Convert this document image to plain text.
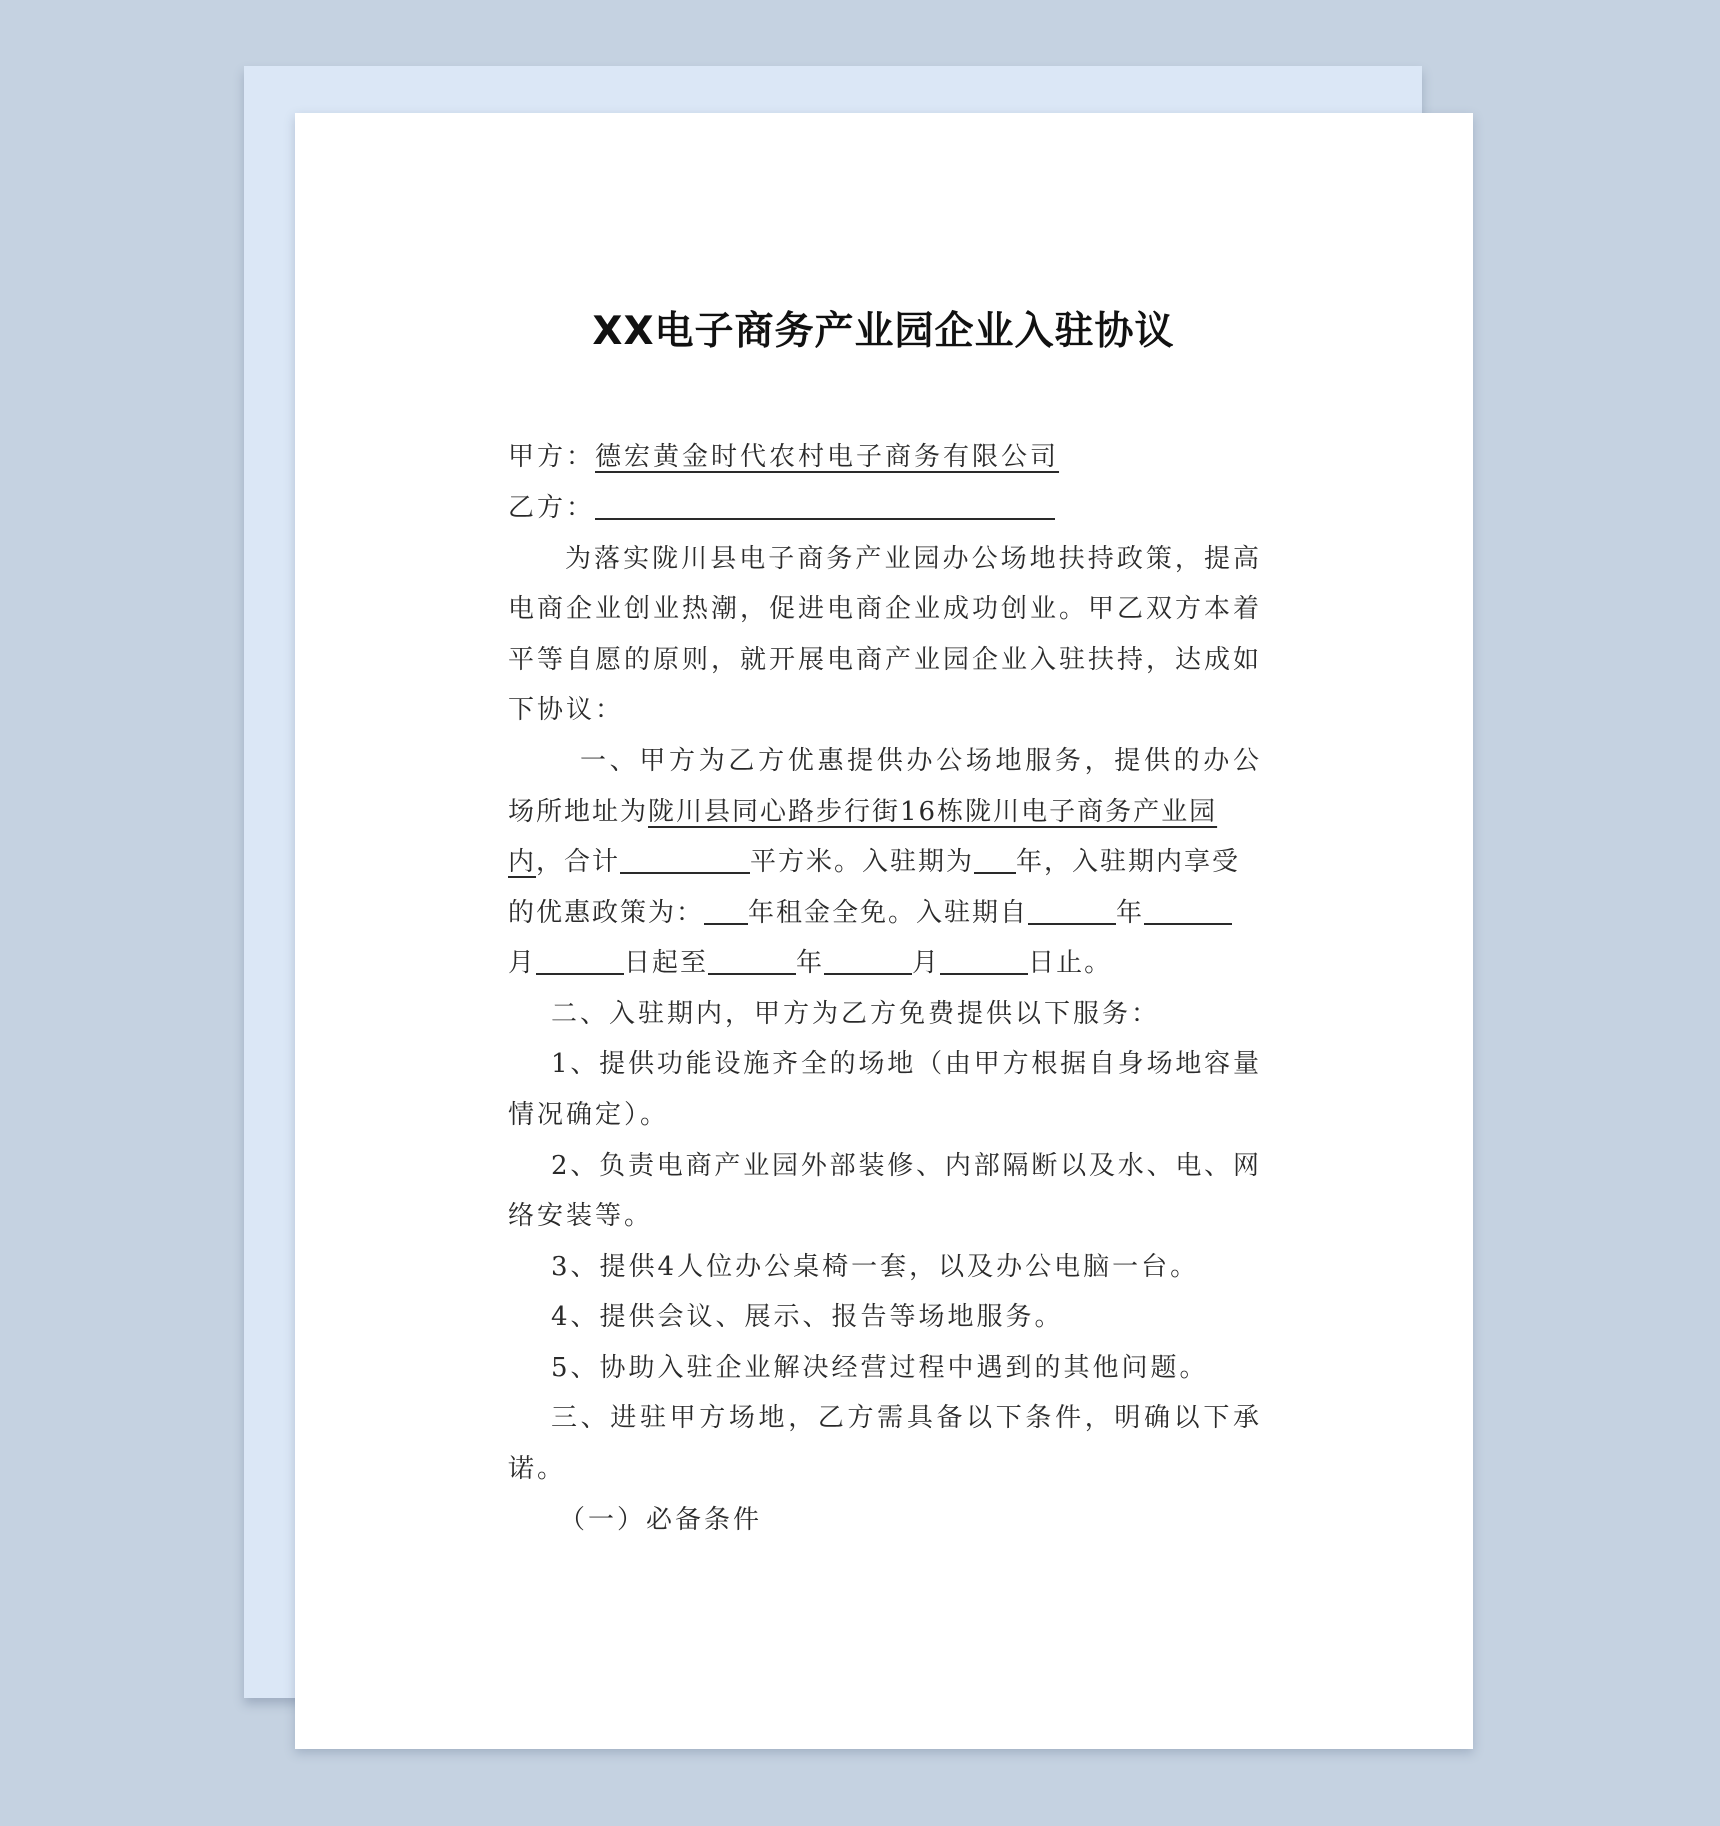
XX电子商务产业园企业入驻协议
甲方：德宏黄金时代农村电子商务有限公司
乙方：
为落实陇川县电子商务产业园办公场地扶持政策，提高
电商企业创业热潮，促进电商企业成功创业。甲乙双方本着
平等自愿的原则，就开展电商产业园企业入驻扶持，达成如
下协议：
一、甲方为乙方优惠提供办公场地服务，提供的办公
场所地址为陇川县同心路步行街16栋陇川电子商务产业园
内，合计	平方米。入驻期为 年，入驻期内享受
的优惠政策为： 年租金全免。入驻期自	年
月	日起至	年	月	日止。
二、入驻期内，甲方为乙方免费提供以下服务：
1、提供功能设施齐全的场地（由甲方根据自身场地容量
情况确定）。
2、负责电商产业园外部装修、内部隔断以及水、电、网
络安装等。
3、提供4人位办公桌椅一套，以及办公电脑一台。
4、提供会议、展示、报告等场地服务。
5、协助入驻企业解决经营过程中遇到的其他问题。
三、进驻甲方场地，乙方需具备以下条件，明确以下承
诺。
（一）必备条件
